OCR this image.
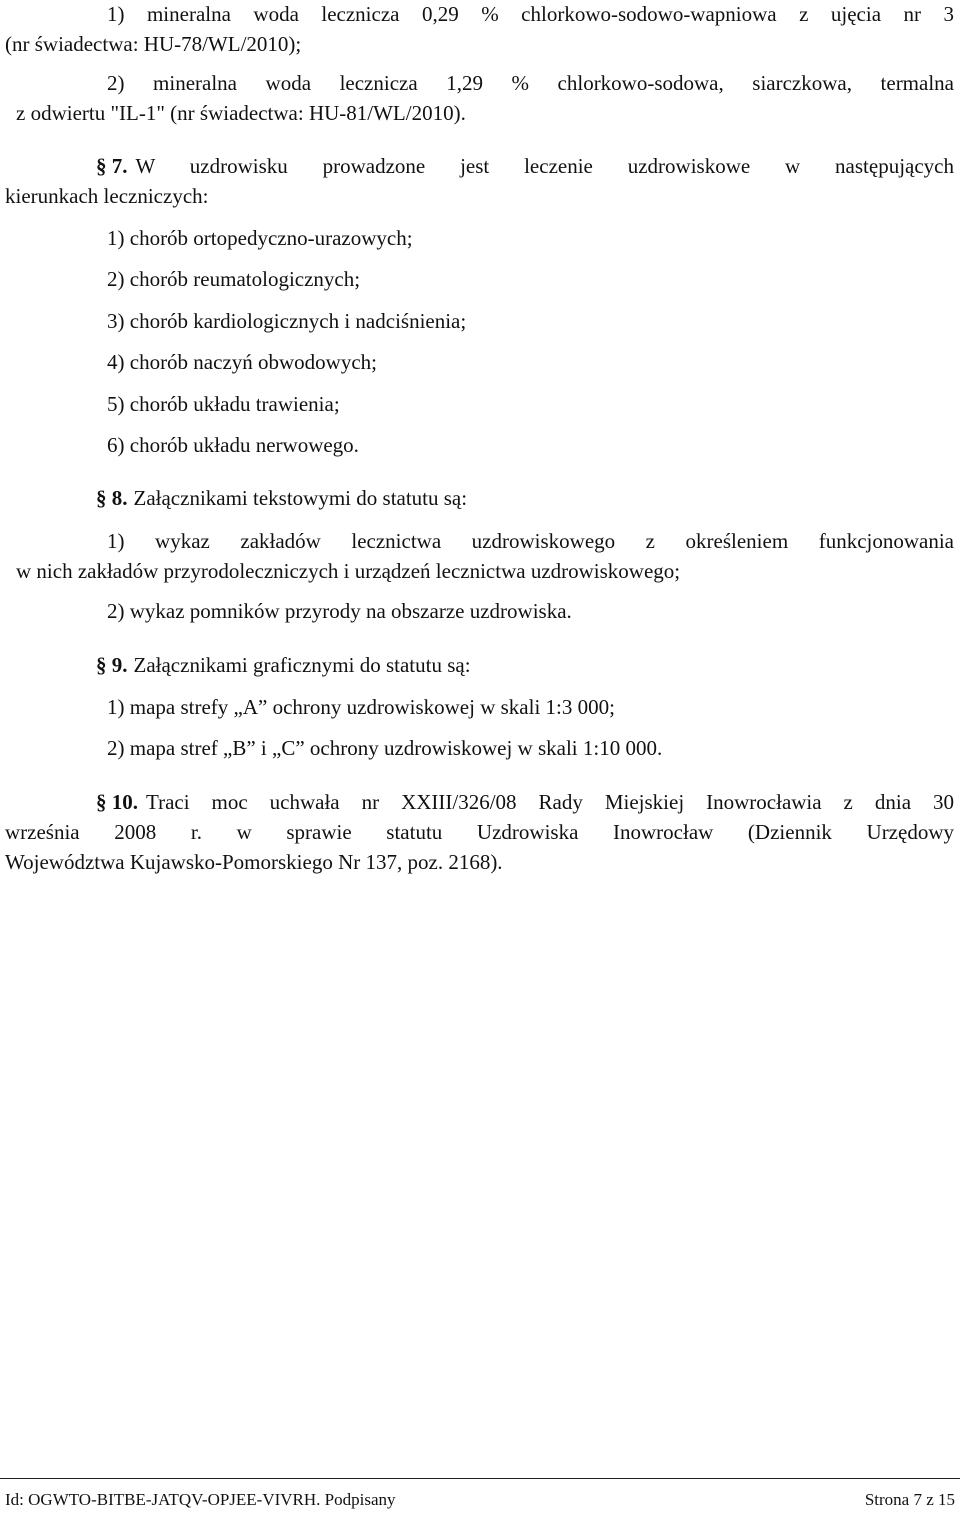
1) mineralna woda lecznicza 0,29 % chlorkowo-sodowo-wapniowa z ujęcia nr 3
(nr świadectwa: HU-78/WL/2010);
2) mineralna woda lecznicza 1,29 % chlorkowo-sodowa, siarczkowa, termalna
z odwiertu "IL-1" (nr świadectwa: HU-81/WL/2010).
§ 7. W uzdrowisku prowadzone jest leczenie uzdrowiskowe w następujących
kierunkach leczniczych:
1) chorób ortopedyczno-urazowych;
2) chorób reumatologicznych;
3) chorób kardiologicznych i nadciśnienia;
4) chorób naczyń obwodowych;
5) chorób układu trawienia;
6) chorób układu nerwowego.
§ 8. Załącznikami tekstowymi do statutu są:
1) wykaz zakładów lecznictwa uzdrowiskowego z określeniem funkcjonowania
w nich zakładów przyrodoleczniczych i urządzeń lecznictwa uzdrowiskowego;
2) wykaz pomników przyrody na obszarze uzdrowiska.
§ 9. Załącznikami graficznymi do statutu są:
1) mapa strefy „A” ochrony uzdrowiskowej w skali 1:3 000;
2) mapa stref „B” i „C” ochrony uzdrowiskowej w skali 1:10 000.
§ 10. Traci moc uchwała nr XXIII/326/08 Rady Miejskiej Inowrocławia z dnia 30
września 2008 r. w sprawie statutu Uzdrowiska Inowrocław (Dziennik Urzędowy
Województwa Kujawsko-Pomorskiego Nr 137, poz. 2168).
Id: OGWTO-BITBE-JATQV-OPJEE-VIVRH. Podpisany	Strona 7 z 15
